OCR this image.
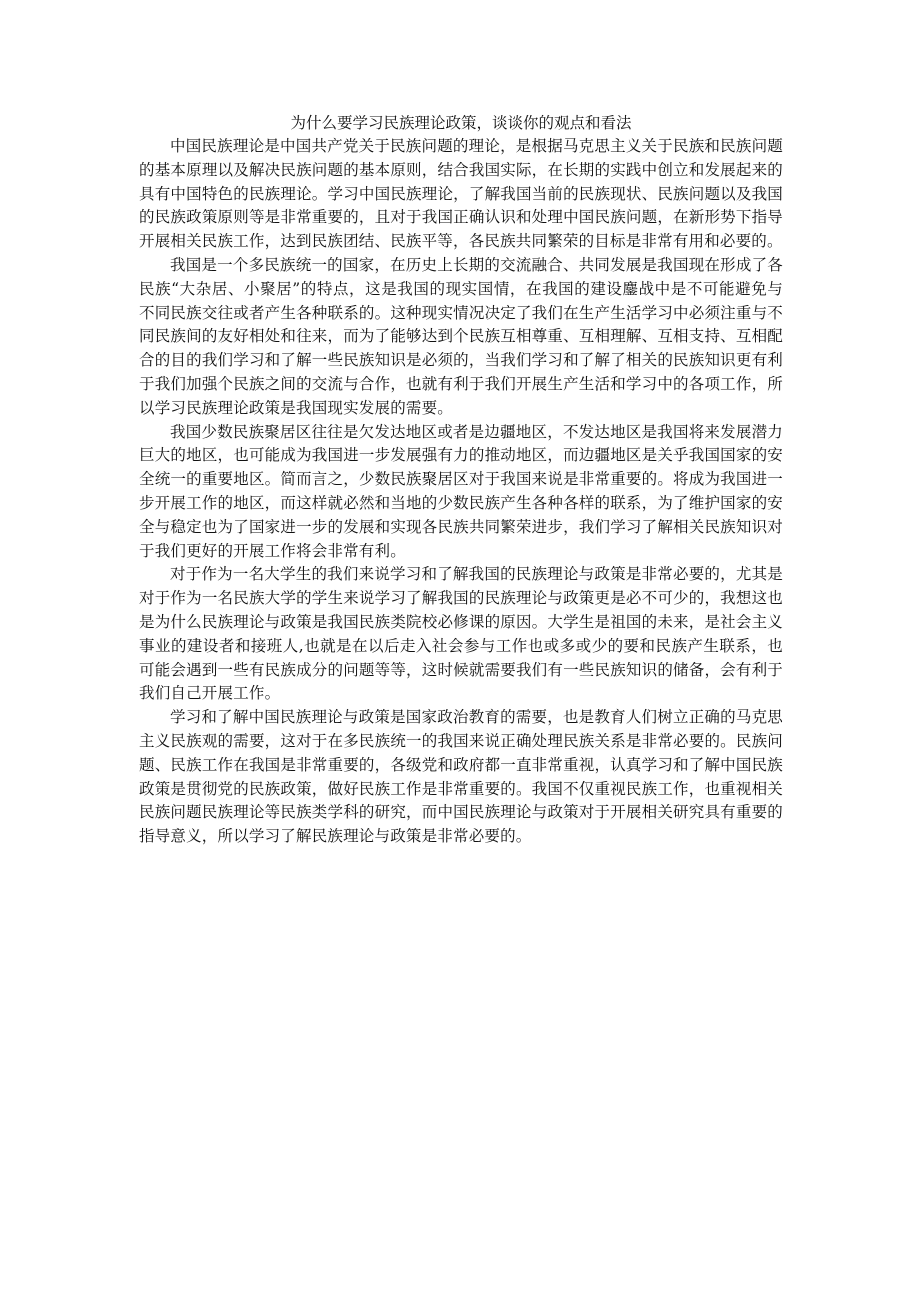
为什么要学习民族理论政策，谈谈你的观点和看法

中国民族理论是中国共产党关于民族问题的理论，是根据马克思主义关于民族和民族问题的基本原理以及解决民族问题的基本原则，结合我国实际，在长期的实践中创立和发展起来的具有中国特色的民族理论。学习中国民族理论，了解我国当前的民族现状、民族问题以及我国的民族政策原则等是非常重要的，且对于我国正确认识和处理中国民族问题，在新形势下指导开展相关民族工作，达到民族团结、民族平等，各民族共同繁荣的目标是非常有用和必要的。

我国是一个多民族统一的国家，在历史上长期的交流融合、共同发展是我国现在形成了各民族“大杂居、小聚居”的特点，这是我国的现实国情，在我国的建设鏖战中是不可能避免与不同民族交往或者产生各种联系的。这种现实情况决定了我们在生产生活学习中必须注重与不同民族间的友好相处和往来，而为了能够达到个民族互相尊重、互相理解、互相支持、互相配合的目的我们学习和了解一些民族知识是必须的，当我们学习和了解了相关的民族知识更有利于我们加强个民族之间的交流与合作，也就有利于我们开展生产生活和学习中的各项工作，所以学习民族理论政策是我国现实发展的需要。

我国少数民族聚居区往往是欠发达地区或者是边疆地区，不发达地区是我国将来发展潜力巨大的地区，也可能成为我国进一步发展强有力的推动地区，而边疆地区是关乎我国国家的安全统一的重要地区。简而言之，少数民族聚居区对于我国来说是非常重要的。将成为我国进一步开展工作的地区，而这样就必然和当地的少数民族产生各种各样的联系，为了维护国家的安全与稳定也为了国家进一步的发展和实现各民族共同繁荣进步，我们学习了解相关民族知识对于我们更好的开展工作将会非常有利。

对于作为一名大学生的我们来说学习和了解我国的民族理论与政策是非常必要的，尤其是对于作为一名民族大学的学生来说学习了解我国的民族理论与政策更是必不可少的，我想这也是为什么民族理论与政策是我国民族类院校必修课的原因。大学生是祖国的未来，是社会主义事业的建设者和接班人,也就是在以后走入社会参与工作也或多或少的要和民族产生联系，也可能会遇到一些有民族成分的问题等等，这时候就需要我们有一些民族知识的储备，会有利于我们自己开展工作。

学习和了解中国民族理论与政策是国家政治教育的需要，也是教育人们树立正确的马克思主义民族观的需要，这对于在多民族统一的我国来说正确处理民族关系是非常必要的。民族问题、民族工作在我国是非常重要的，各级党和政府都一直非常重视，认真学习和了解中国民族政策是贯彻党的民族政策，做好民族工作是非常重要的。我国不仅重视民族工作，也重视相关民族问题民族理论等民族类学科的研究，而中国民族理论与政策对于开展相关研究具有重要的指导意义，所以学习了解民族理论与政策是非常必要的。
